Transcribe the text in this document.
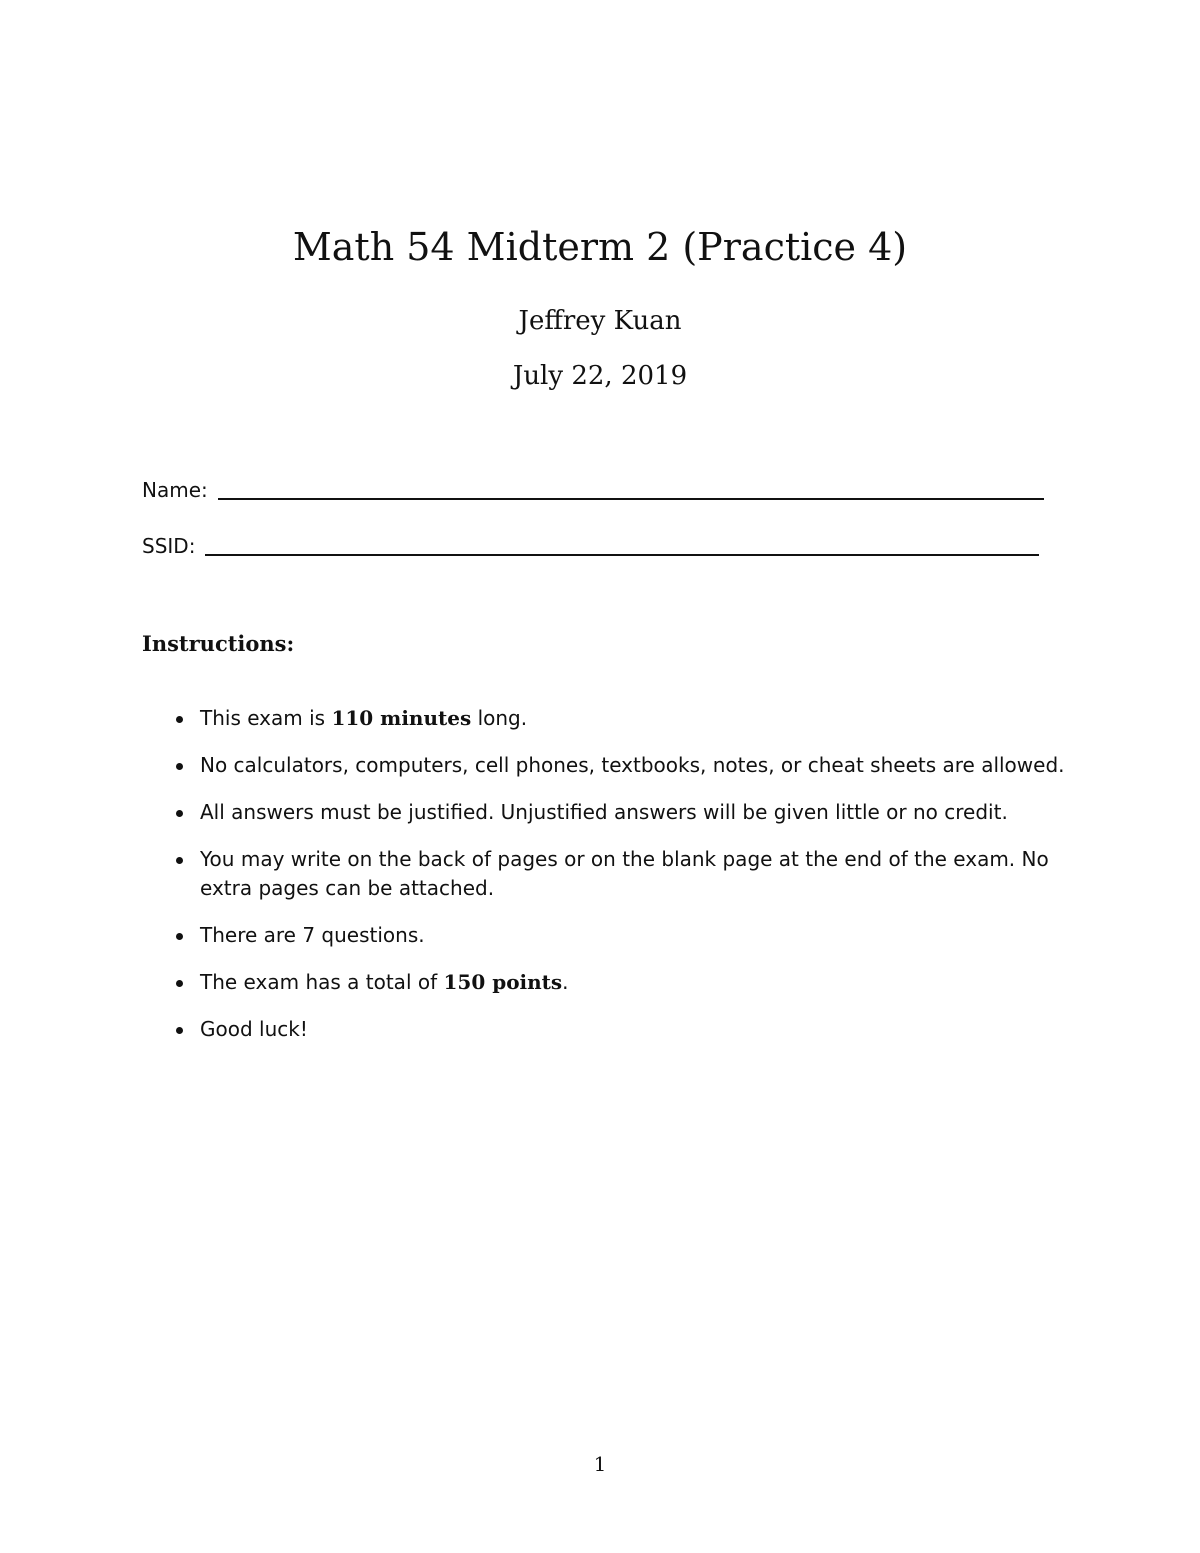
Math 54 Midterm 2 (Practice 4)
Jeffrey Kuan
July 22, 2019
Name:
SSID:
Instructions:
This exam is 110 minutes long.
No calculators, computers, cell phones, textbooks, notes, or cheat sheets are allowed.
All answers must be justified. Unjustified answers will be given little or no credit.
You may write on the back of pages or on the blank page at the end of the exam. No extra pages can be attached.
There are 7 questions.
The exam has a total of 150 points.
Good luck!
1
